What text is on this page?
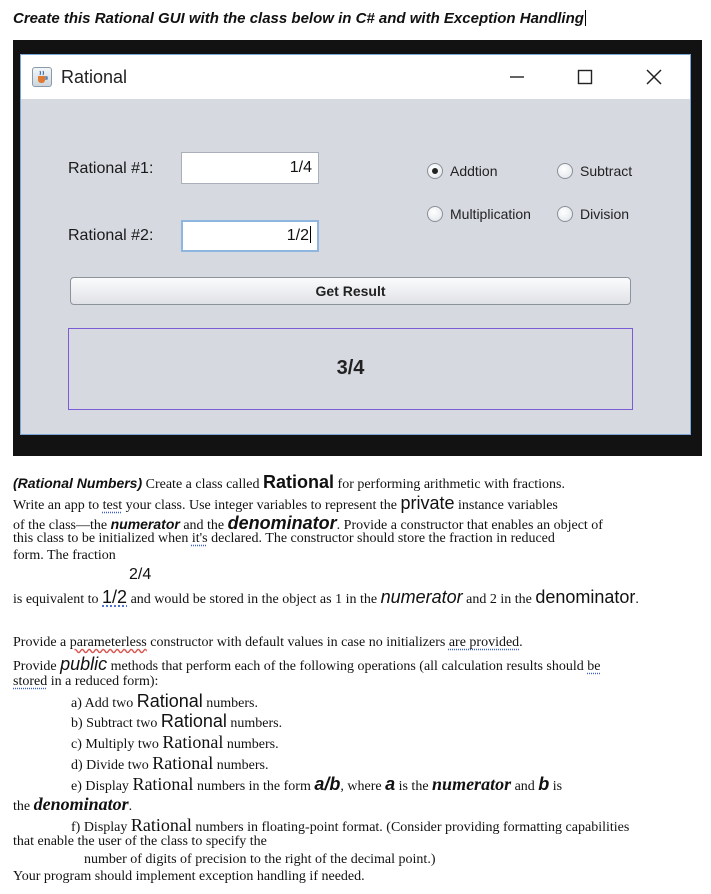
Create this Rational GUI with the class below in C# and with Exception Handling
Rational
Rational #1:	1/4
Rational #2:	1/2
Addtion	Subtract
Multiplication	Division
Get Result
3/4
(Rational Numbers) Create a class called Rational for performing arithmetic with fractions.
Write an app to test your class. Use integer variables to represent the private instance variables
of the class—the numerator and the denominator. Provide a constructor that enables an object of
this class to be initialized when it's declared. The constructor should store the fraction in reduced
form. The fraction
2/4
is equivalent to 1/2 and would be stored in the object as 1 in the numerator and 2 in the denominator.
Provide a parameterless constructor with default values in case no initializers are provided.
Provide public methods that perform each of the following operations (all calculation results should be
stored in a reduced form):
a) Add two Rational numbers.
b) Subtract two Rational numbers.
c) Multiply two Rational numbers.
d) Divide two Rational numbers.
e) Display Rational numbers in the form a/b, where a is the numerator and b is
the denominator.
f) Display Rational numbers in floating-point format. (Consider providing formatting capabilities
that enable the user of the class to specify the
number of digits of precision to the right of the decimal point.)
Your program should implement exception handling if needed.
